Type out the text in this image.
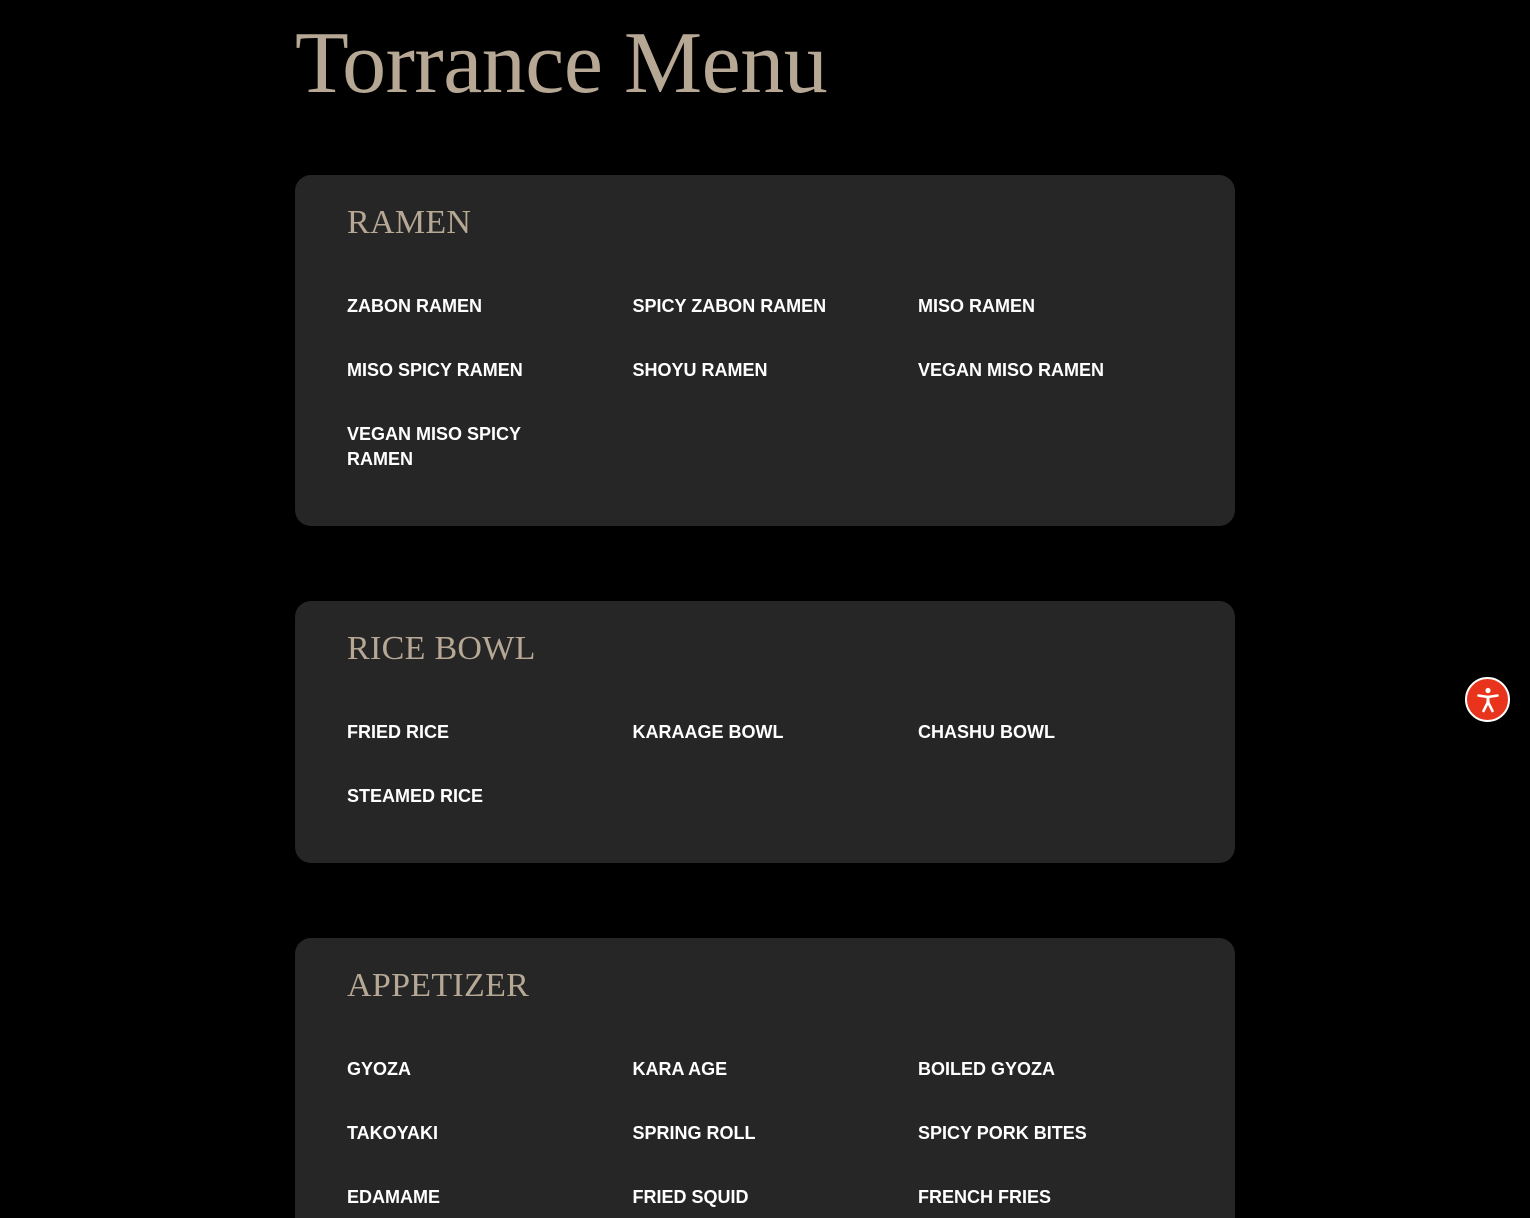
Torrance Menu
RAMEN
ZABON RAMEN	SPICY ZABON RAMEN	MISO RAMEN
MISO SPICY RAMEN	SHOYU RAMEN	VEGAN MISO RAMEN
VEGAN MISO SPICY RAMEN
RICE BOWL
FRIED RICE	KARAAGE BOWL	CHASHU BOWL
STEAMED RICE
APPETIZER
GYOZA	KARA AGE	BOILED GYOZA
TAKOYAKI	SPRING ROLL	SPICY PORK BITES
EDAMAME	FRIED SQUID	FRENCH FRIES
